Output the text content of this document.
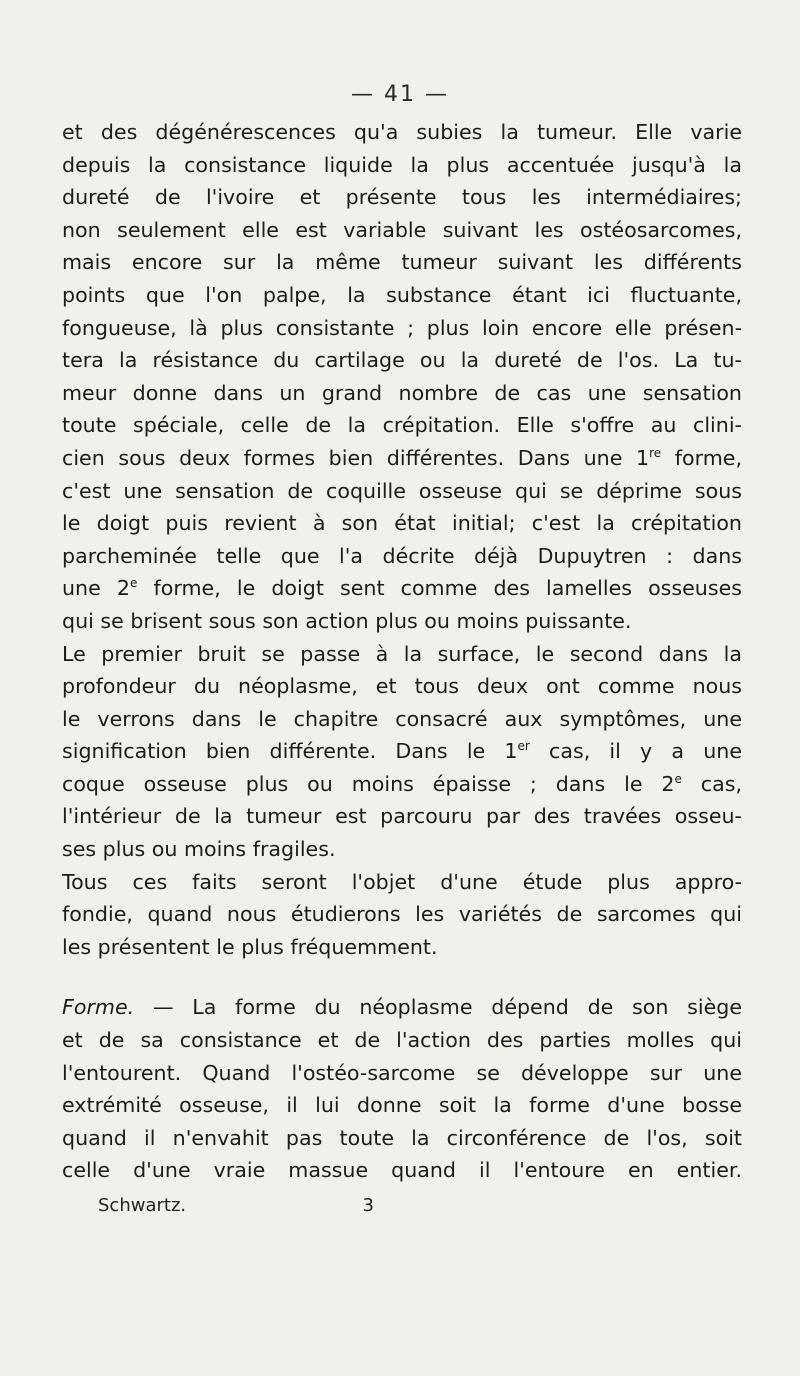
— 41 —
et des dégénérescences qu'a subies la tumeur. Elle varie
depuis la consistance liquide la plus accentuée jusqu'à la
dureté de l'ivoire et présente tous les intermédiaires;
non seulement elle est variable suivant les ostéosarcomes,
mais encore sur la même tumeur suivant les différents
points que l'on palpe, la substance étant ici fluctuante,
fongueuse, là plus consistante ; plus loin encore elle présen-
tera la résistance du cartilage ou la dureté de l'os. La tu-
meur donne dans un grand nombre de cas une sensation
toute spéciale, celle de la crépitation. Elle s'offre au clini-
cien sous deux formes bien différentes. Dans une 1re forme,
c'est une sensation de coquille osseuse qui se déprime sous
le doigt puis revient à son état initial; c'est la crépitation
parcheminée telle que l'a décrite déjà Dupuytren : dans
une 2e forme, le doigt sent comme des lamelles osseuses
qui se brisent sous son action plus ou moins puissante.
Le premier bruit se passe à la surface, le second dans la
profondeur du néoplasme, et tous deux ont comme nous
le verrons dans le chapitre consacré aux symptômes, une
signification bien différente. Dans le 1er cas, il y a une
coque osseuse plus ou moins épaisse ; dans le 2e cas,
l'intérieur de la tumeur est parcouru par des travées osseu-
ses plus ou moins fragiles.
Tous ces faits seront l'objet d'une étude plus appro-
fondie, quand nous étudierons les variétés de sarcomes qui
les présentent le plus fréquemment.
Forme. — La forme du néoplasme dépend de son siège
et de sa consistance et de l'action des parties molles qui
l'entourent. Quand l'ostéo-sarcome se développe sur une
extrémité osseuse, il lui donne soit la forme d'une bosse
quand il n'envahit pas toute la circonférence de l'os, soit
celle d'une vraie massue quand il l'entoure en entier.
Schwartz.	3
